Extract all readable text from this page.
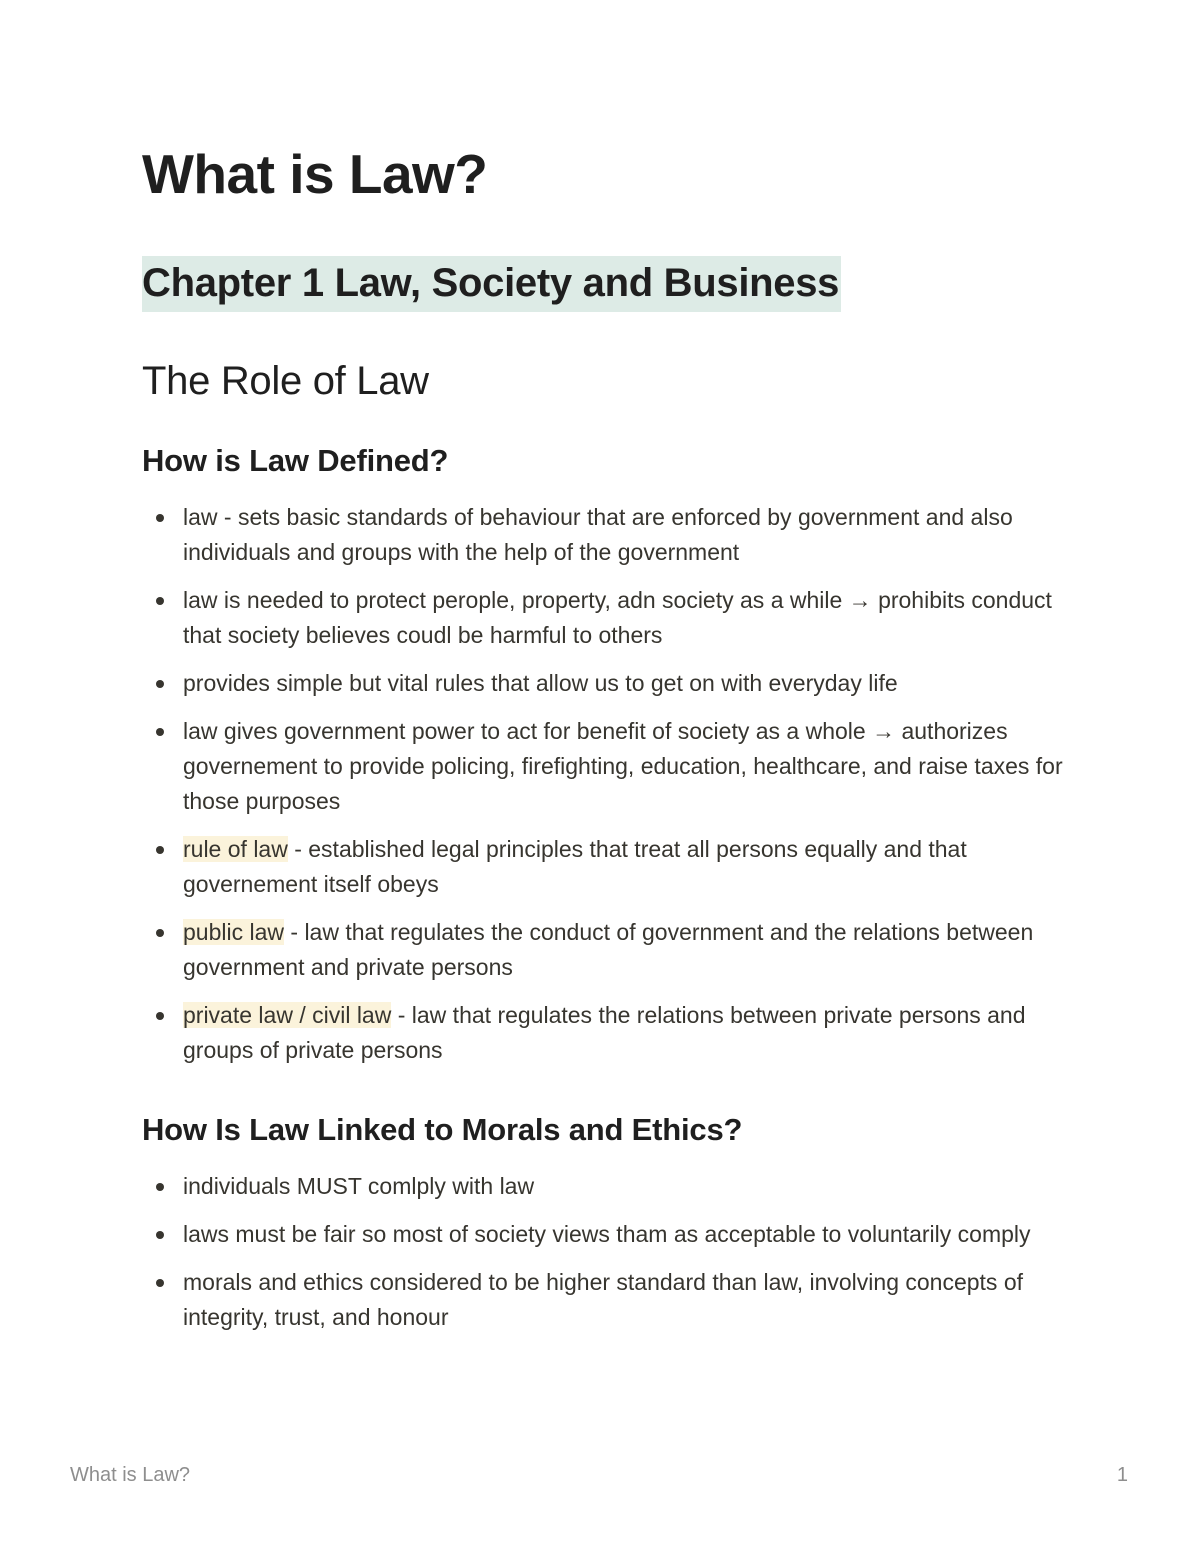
What is Law?
Chapter 1 Law, Society and Business
The Role of Law
How is Law Defined?
law - sets basic standards of behaviour that are enforced by government and also individuals and groups with the help of the government
law is needed to protect perople, property, adn society as a while → prohibits conduct that society believes coudl be harmful to others
provides simple but vital rules that allow us to get on with everyday life
law gives government power to act for benefit of society as a whole → authorizes governement to provide policing, firefighting, education, healthcare, and raise taxes for those purposes
rule of law - established legal principles that treat all persons equally and that governement itself obeys
public law - law that regulates the conduct of government and the relations between government and private persons
private law / civil law - law that regulates the relations between private persons and groups of private persons
How Is Law Linked to Morals and Ethics?
individuals MUST comlply with law
laws must be fair so most of society views tham as acceptable to voluntarily comply
morals and ethics considered to be higher standard than law, involving concepts of integrity, trust, and honour
What is Law?	1
